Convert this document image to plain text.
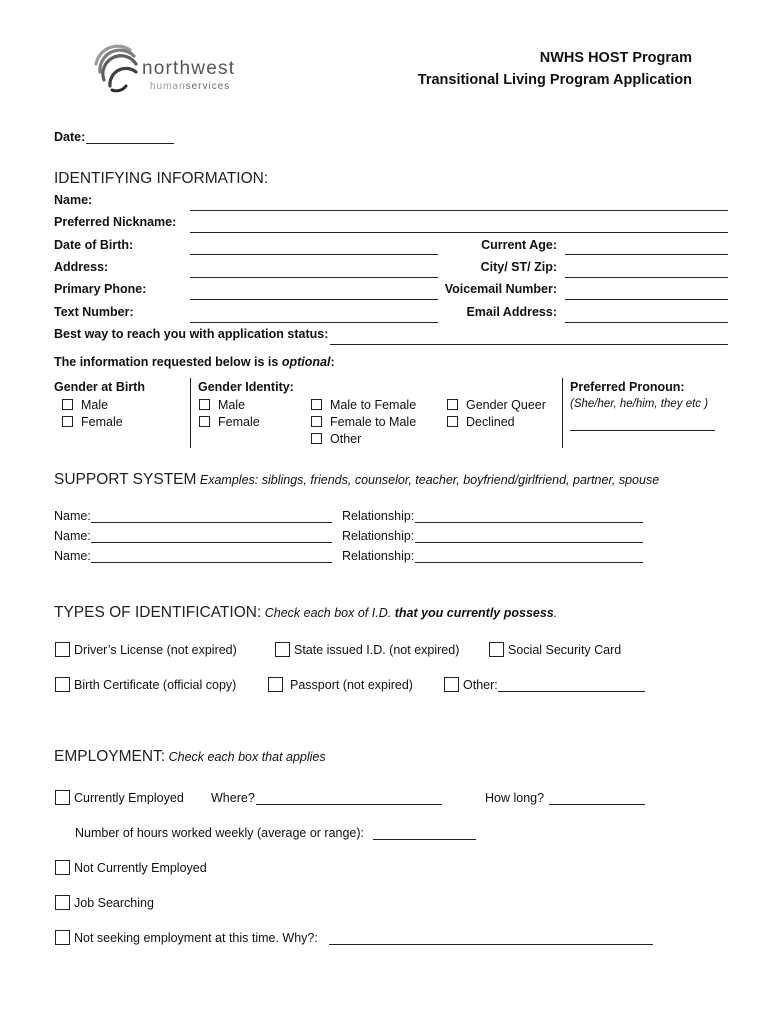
northwest
humanservices
NWHS HOST Program
Transitional Living Program Application
Date:
IDENTIFYING INFORMATION:
Name:
Preferred Nickname:
Date of Birth:	Current Age:
Address:	City/ ST/ Zip:
Primary Phone:	Voicemail Number:
Text Number:	Email Address:
Best way to reach you with application status:
The information requested below is is optional:
Gender at Birth
Male
Female
Gender Identity:
Male
Female
Male to Female
Female to Male
Other
Gender Queer
Declined
Preferred Pronoun:
(She/her, he/him, they etc )
SUPPORT SYSTEM Examples: siblings, friends, counselor, teacher, boyfriend/girlfriend, partner, spouse
Name:	Relationship:
Name:	Relationship:
Name:	Relationship:
TYPES OF IDENTIFICATION: Check each box of I.D. that you currently possess.
Driver’s License (not expired)	State issued I.D. (not expired)	Social Security Card
Birth Certificate (official copy)	Passport (not expired)	Other:
EMPLOYMENT: Check each box that applies
Currently Employed Where?	How long?
Number of hours worked weekly (average or range):
Not Currently Employed
Job Searching
Not seeking employment at this time. Why?:
